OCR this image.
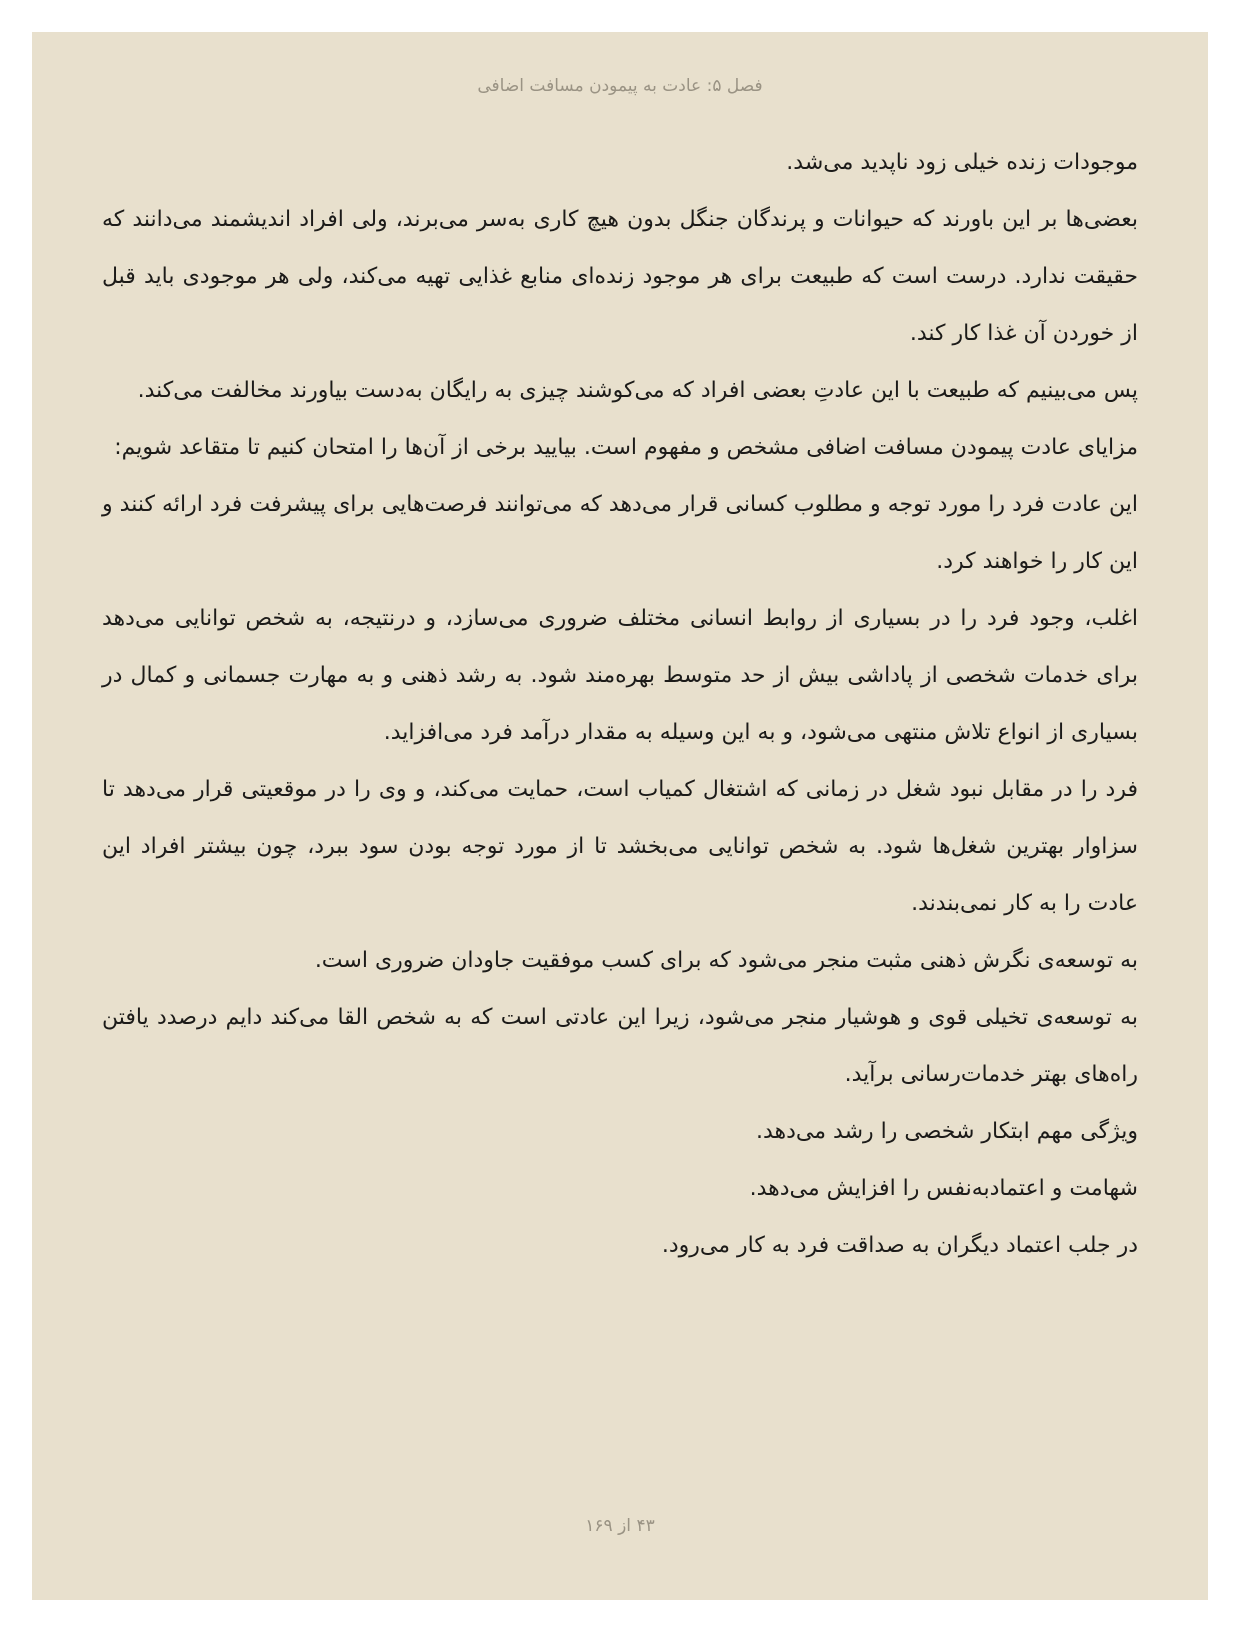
فصل ۵: عادت به پیمودن مسافت اضافی

موجودات زنده خیلی زود ناپدید می‌شد.

بعضی‌ها بر این باورند که حیوانات و پرندگان جنگل بدون هیچ کاری به‌سر می‌برند، ولی افراد اندیشمند می‌دانند که حقیقت ندارد. درست است که طبیعت برای هر موجود زنده‌ای منابع غذایی تهیه می‌کند، ولی هر موجودی باید قبل از خوردن آن غذا کار کند.

پس می‌بینیم که طبیعت با این عادتِ بعضی افراد که می‌کوشند چیزی به رایگان به‌دست بیاورند مخالفت می‌کند.

مزایای عادت پیمودن مسافت اضافی مشخص و مفهوم است. بیایید برخی از آن‌ها را امتحان کنیم تا متقاعد شویم:

این عادت فرد را مورد توجه و مطلوب کسانی قرار می‌دهد که می‌توانند فرصت‌هایی برای پیشرفت فرد ارائه کنند و این کار را خواهند کرد.

اغلب، وجود فرد را در بسیاری از روابط انسانی مختلف ضروری می‌سازد، و درنتیجه، به شخص توانایی می‌دهد برای خدمات شخصی از پاداشی بیش از حد متوسط بهره‌مند شود. به رشد ذهنی و به مهارت جسمانی و کمال در بسیاری از انواع تلاش منتهی می‌شود، و به این وسیله به مقدار درآمد فرد می‌افزاید.

فرد را در مقابل نبود شغل در زمانی که اشتغال کمیاب است، حمایت می‌کند، و وی را در موقعیتی قرار می‌دهد تا سزاوار بهترین شغل‌ها شود. به شخص توانایی می‌بخشد تا از مورد توجه بودن سود ببرد، چون بیشتر افراد این عادت را به کار نمی‌بندند.

به توسعه‌ی نگرش ذهنی مثبت منجر می‌شود که برای کسب موفقیت جاودان ضروری است.

به توسعه‌ی تخیلی قوی و هوشیار منجر می‌شود، زیرا این عادتی است که به شخص القا می‌کند دایم درصدد یافتن راه‌های بهتر خدمات‌رسانی برآید.

ویژگی مهم ابتکار شخصی را رشد می‌دهد.

شهامت و اعتمادبه‌نفس را افزایش می‌دهد.

در جلب اعتماد دیگران به صداقت فرد به کار می‌رود.

۴۳ از ۱۶۹
